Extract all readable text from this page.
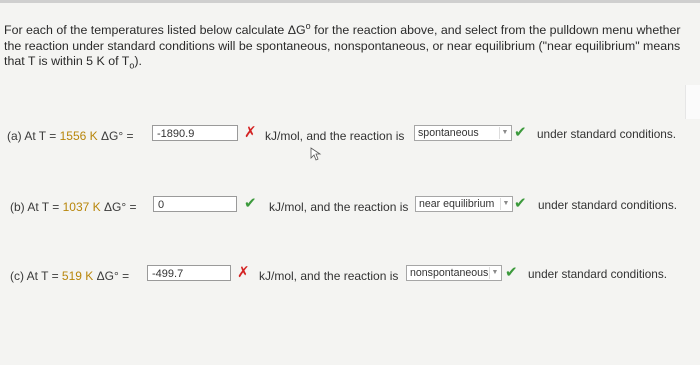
For each of the temperatures listed below calculate $\Delta G^o$ for the reaction above, and select from the pulldown menu whether the reaction under standard conditions will be spontaneous, nonspontaneous, or near equilibrium ("near equilibrium" means that T is within 5 K of $T_o$).
(a) At T = 1556 K ΔG° =	-1890.9	✗ kJ/mol, and the reaction is spontaneous	▼ ✔ under standard conditions.
(b) At T = 1037 K ΔG° =	0	✔ kJ/mol, and the reaction is near equilibrium	▼ ✔ under standard conditions.
(c) At T = 519 K ΔG° =	-499.7	✗ kJ/mol, and the reaction is nonspontaneous ▼ ✔ under standard conditions.
